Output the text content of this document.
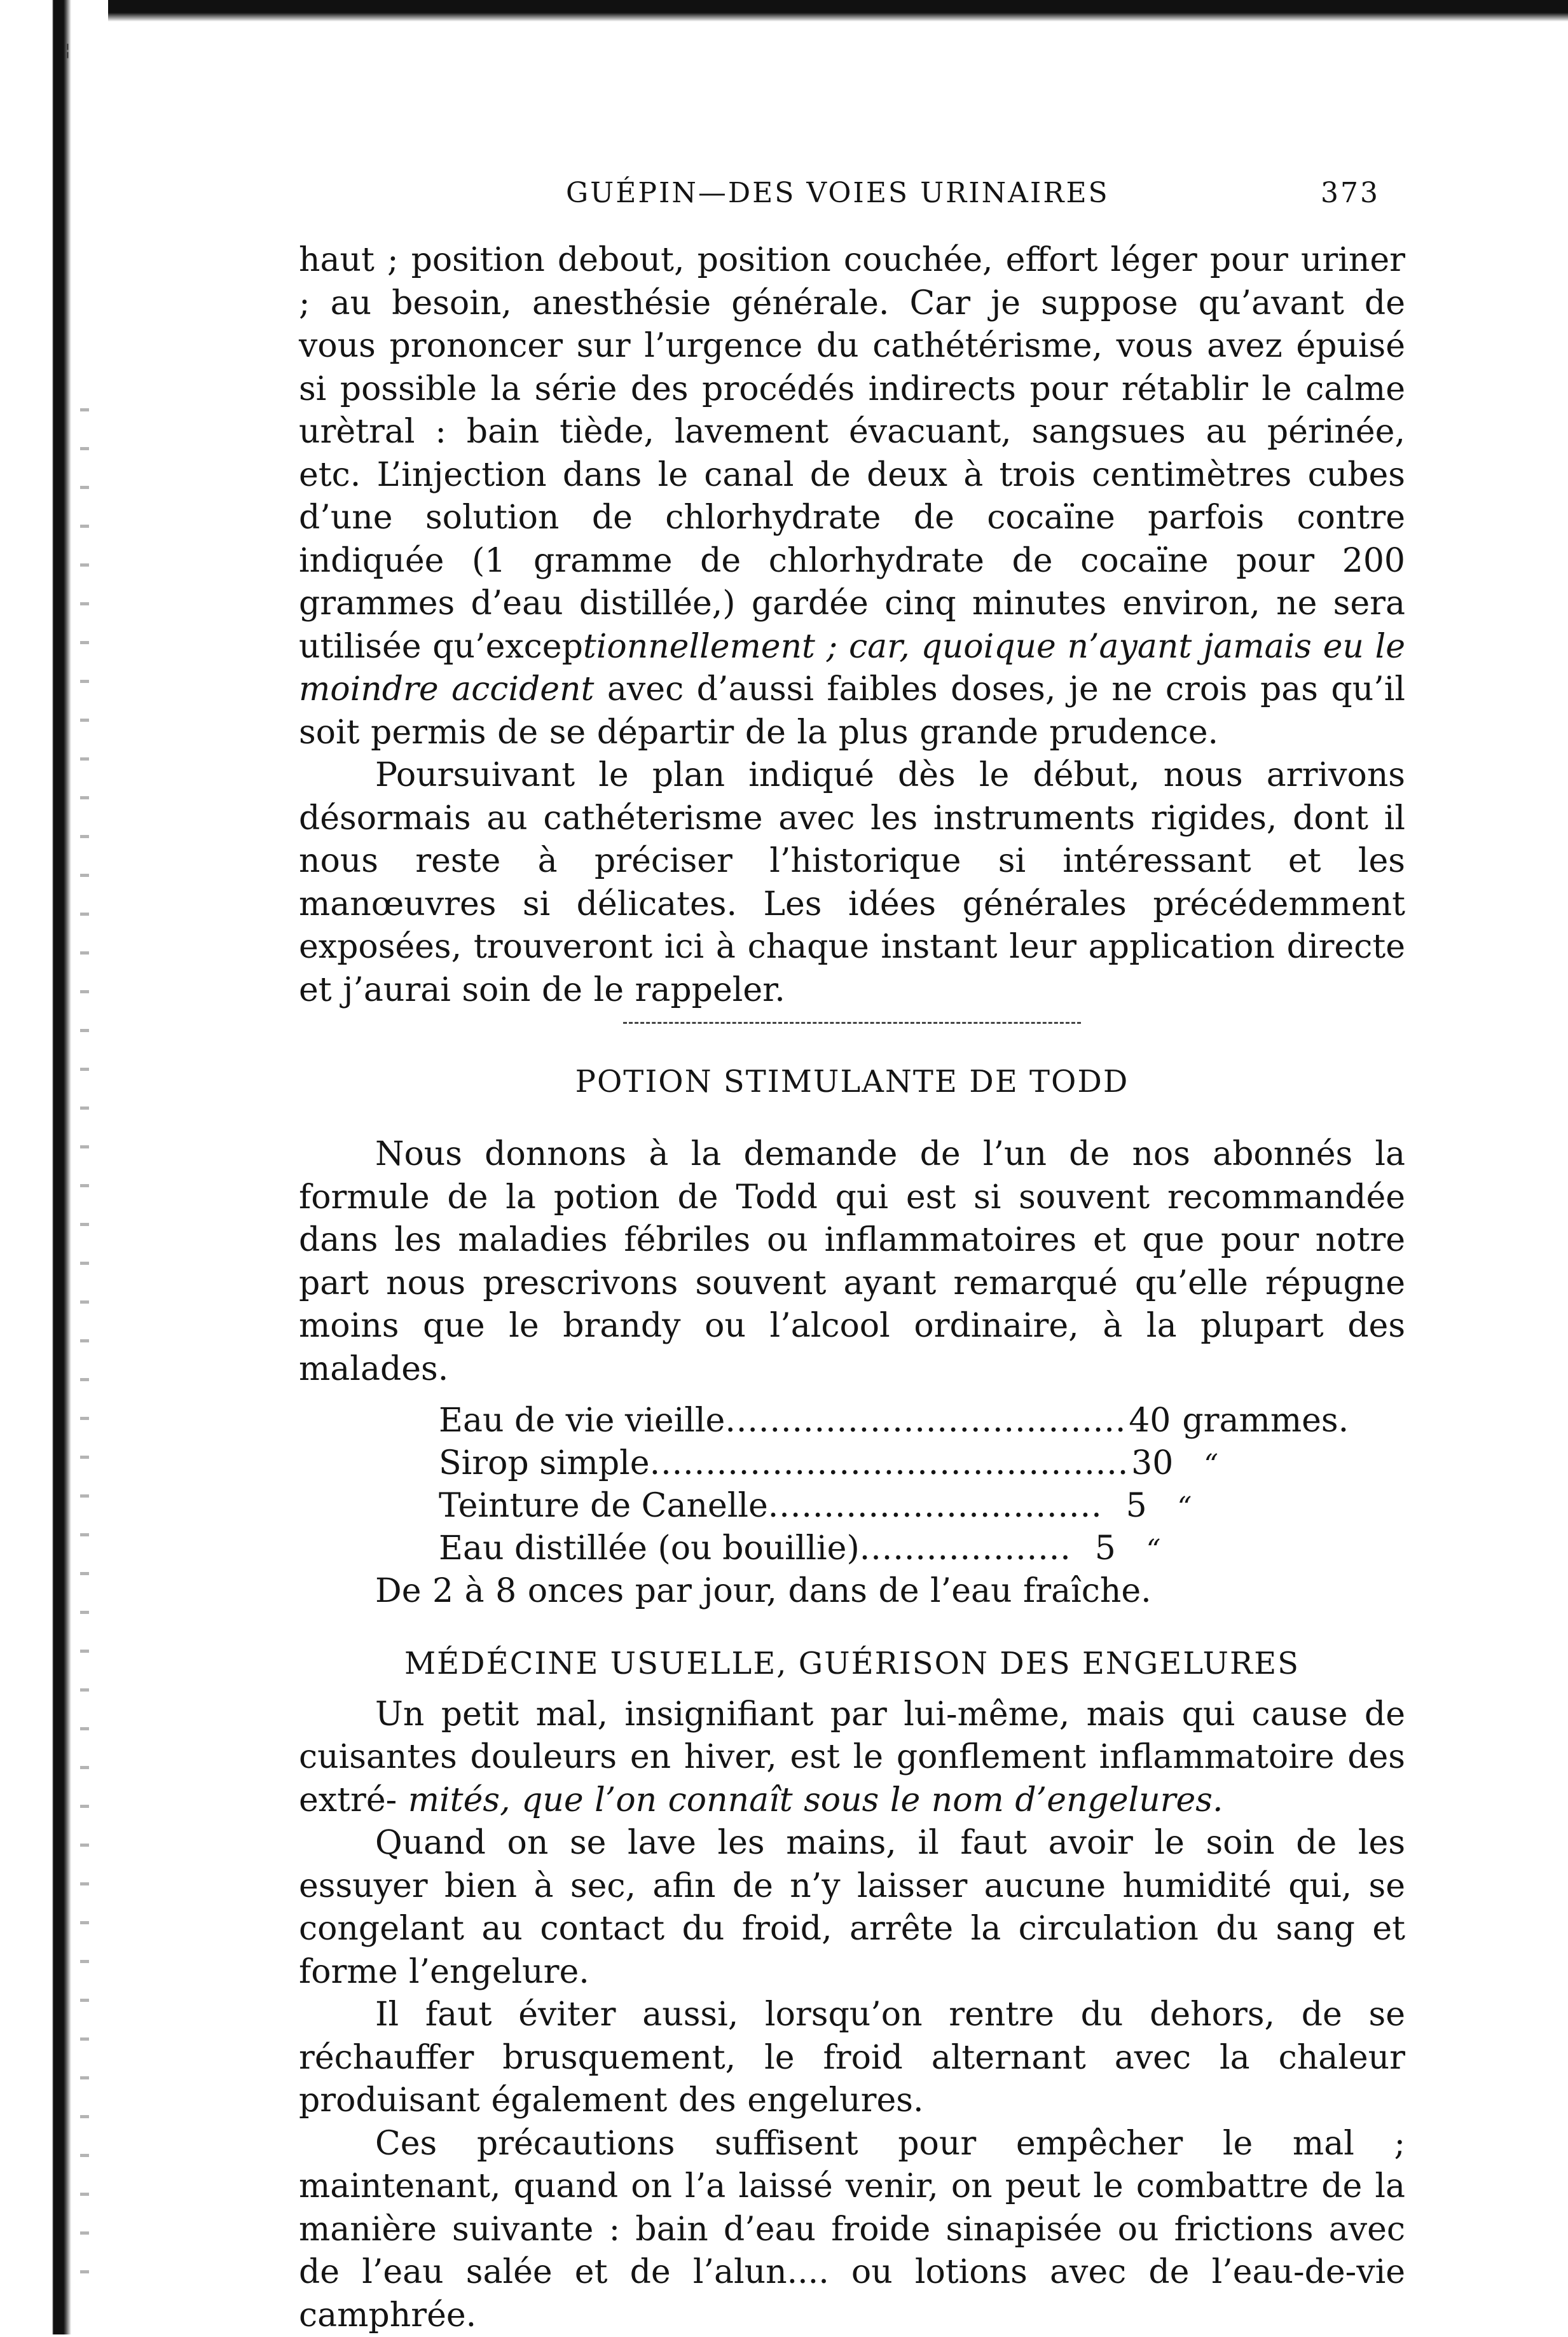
¦
GUÉPIN—DES VOIES URINAIRES	373

haut ; position debout, position couchée, effort léger pour uriner ; au besoin, anesthésie générale. Car je suppose qu’avant de vous prononcer sur l’urgence du cathétérisme, vous avez épuisé si possible la série des procédés indirects pour rétablir le calme urètral : bain tiède, lavement évacuant, sangsues au périnée, etc. L’injection dans le canal de deux à trois centimètres cubes d’une solution de chlorhydrate de cocaïne parfois contre indiquée (1 gramme de chlorhydrate de cocaïne pour 200 grammes d’eau distillée,) gardée cinq minutes environ, ne sera utilisée qu’exceptionnellement ; car, quoique n’ayant jamais eu le moindre accident avec d’aussi faibles doses, je ne crois pas qu’il soit permis de se départir de la plus grande prudence.

Poursuivant le plan indiqué dès le début, nous arrivons désormais au cathéterisme avec les instruments rigides, dont il nous reste à préciser l’historique si intéressant et les manœuvres si délicates. Les idées générales précédemment exposées, trouveront ici à chaque instant leur application directe et j’aurai soin de le rappeler.

POTION STIMULANTE DE TODD

Nous donnons à la demande de l’un de nos abonnés la formule de la potion de Todd qui est si souvent recommandée dans les maladies fébriles ou inflammatoires et que pour notre part nous prescrivons souvent ayant remarqué qu’elle répugne moins que le brandy ou l’alcool ordinaire, à la plupart des malades.

Eau de vie vieille .................................... 40 grammes.
Sirop simple ........................................... 30	“
Teinture de Canelle .............................. 5	“
Eau distillée (ou bouillie) ................... 5	“

De 2 à 8 onces par jour, dans de l’eau fraîche.

MÉDÉCINE USUELLE, GUÉRISON DES ENGELURES

Un petit mal, insignifiant par lui-même, mais qui cause de cuisantes douleurs en hiver, est le gonflement inflammatoire des extré- mités, que l’on connaît sous le nom d’engelures.

Quand on se lave les mains, il faut avoir le soin de les essuyer bien à sec, afin de n’y laisser aucune humidité qui, se congelant au contact du froid, arrête la circulation du sang et forme l’engelure.

Il faut éviter aussi, lorsqu’on rentre du dehors, de se réchauffer brusquement, le froid alternant avec la chaleur produisant également des engelures.

Ces précautions suffisent pour empêcher le mal ; maintenant, quand on l’a laissé venir, on peut le combattre de la manière suivante : bain d’eau froide sinapisée ou frictions avec de l’eau salée et de l’alun.... ou lotions avec de l’eau-de-vie camphrée.
